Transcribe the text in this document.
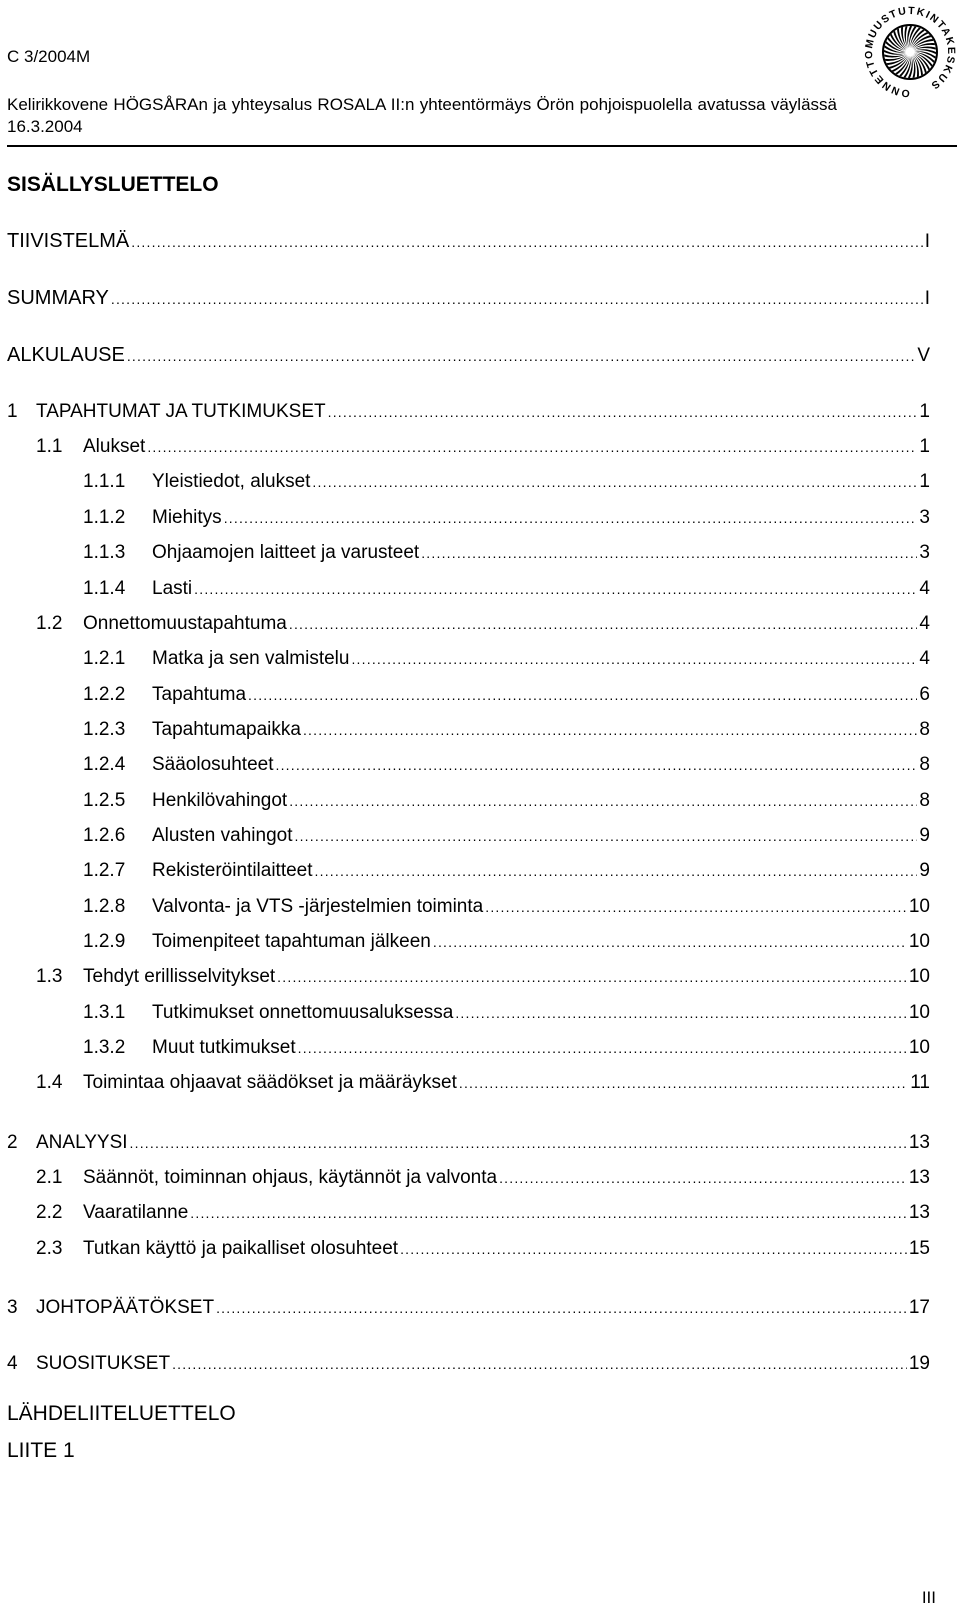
C 3/2004M
Kelirikkovene HÖGSÅRAn ja yhteysalus ROSALA II:n yhteentörmäys Örön pohjoispuolella avatussa väylässä 16.3.2004
ONNETTOMUUSTUTKINTAKESKUS
SISÄLLYSLUETTELO
TIIVISTELMÄ .....	I
SUMMARY .....	I
ALKULAUSE .....	V
1 TAPAHTUMAT JA TUTKIMUKSET .....	1
1.1	Alukset .....	1
1.1.1	Yleistiedot, alukset .....	1
1.1.2	Miehitys .....	3
1.1.3	Ohjaamojen laitteet ja varusteet .....	3
1.1.4	Lasti .....	4
1.2	Onnettomuustapahtuma .....	4
1.2.1	Matka ja sen valmistelu .....	4
1.2.2	Tapahtuma .....	6
1.2.3	Tapahtumapaikka .....	8
1.2.4	Sääolosuhteet .....	8
1.2.5	Henkilövahingot .....	8
1.2.6	Alusten vahingot .....	9
1.2.7	Rekisteröintilaitteet .....	9
1.2.8	Valvonta- ja VTS -järjestelmien toiminta .....	10
1.2.9	Toimenpiteet tapahtuman jälkeen .....	10
1.3	Tehdyt erillisselvitykset .....	10
1.3.1	Tutkimukset onnettomuusaluksessa .....	10
1.3.2	Muut tutkimukset .....	10
1.4	Toimintaa ohjaavat säädökset ja määräykset .....	11
2 ANALYYSI .....	13
2.1	Säännöt, toiminnan ohjaus, käytännöt ja valvonta .....	13
2.2	Vaaratilanne .....	13
2.3	Tutkan käyttö ja paikalliset olosuhteet .....	15
3 JOHTOPÄÄTÖKSET .....	17
4 SUOSITUKSET .....	19
LÄHDELIITELUETTELO
LIITE 1
III
